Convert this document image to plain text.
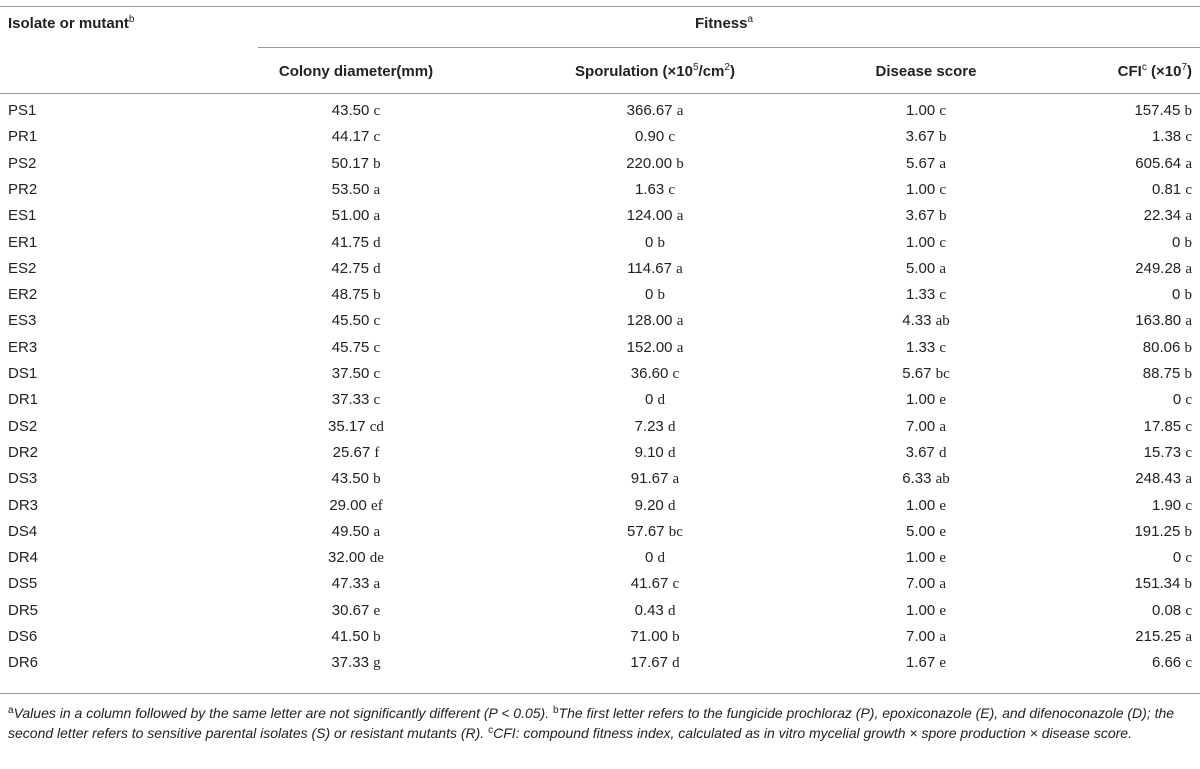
Isolate or mutant$^b$	Fitness$^a$
Colony diameter(mm)	Sporulation $(\times 10^5/cm^2)$	Disease score	CFI$^c$ $(\times 10^7)$
PS1	43.50 c	366.67 a	1.00 c	157.45 b
PR1	44.17 c	0.90 c	3.67 b	1.38 c
PS2	50.17 b	220.00 b	5.67 a	605.64 a
PR2	53.50 a	1.63 c	1.00 c	0.81 c
ES1	51.00 a	124.00 a	3.67 b	22.34 a
ER1	41.75 d	0 b	1.00 c	0 b
ES2	42.75 d	114.67 a	5.00 a	249.28 a
ER2	48.75 b	0 b	1.33 c	0 b
ES3	45.50 c	128.00 a	4.33 ab	163.80 a
ER3	45.75 c	152.00 a	1.33 c	80.06 b
DS1	37.50 c	36.60 c	5.67 bc	88.75 b
DR1	37.33 c	0 d	1.00 e	0 c
DS2	35.17 cd	7.23 d	7.00 a	17.85 c
DR2	25.67 f	9.10 d	3.67 d	15.73 c
DS3	43.50 b	91.67 a	6.33 ab	248.43 a
DR3	29.00 ef	9.20 d	1.00 e	1.90 c
DS4	49.50 a	57.67 bc	5.00 e	191.25 b
DR4	32.00 de	0 d	1.00 e	0 c
DS5	47.33 a	41.67 c	7.00 a	151.34 b
DR5	30.67 e	0.43 d	1.00 e	0.08 c
DS6	41.50 b	71.00 b	7.00 a	215.25 a
DR6	37.33 g	17.67 d	1.67 e	6.66 c
$^a$Values in a column followed by the same letter are not significantly different (P < 0.05). $^b$The first letter refers to the fungicide prochloraz (P), epoxiconazole (E), and difenoconazole (D); the second letter refers to sensitive parental isolates (S) or resistant mutants (R). $^c$CFI: compound fitness index, calculated as in vitro mycelial growth × spore production × disease score.
